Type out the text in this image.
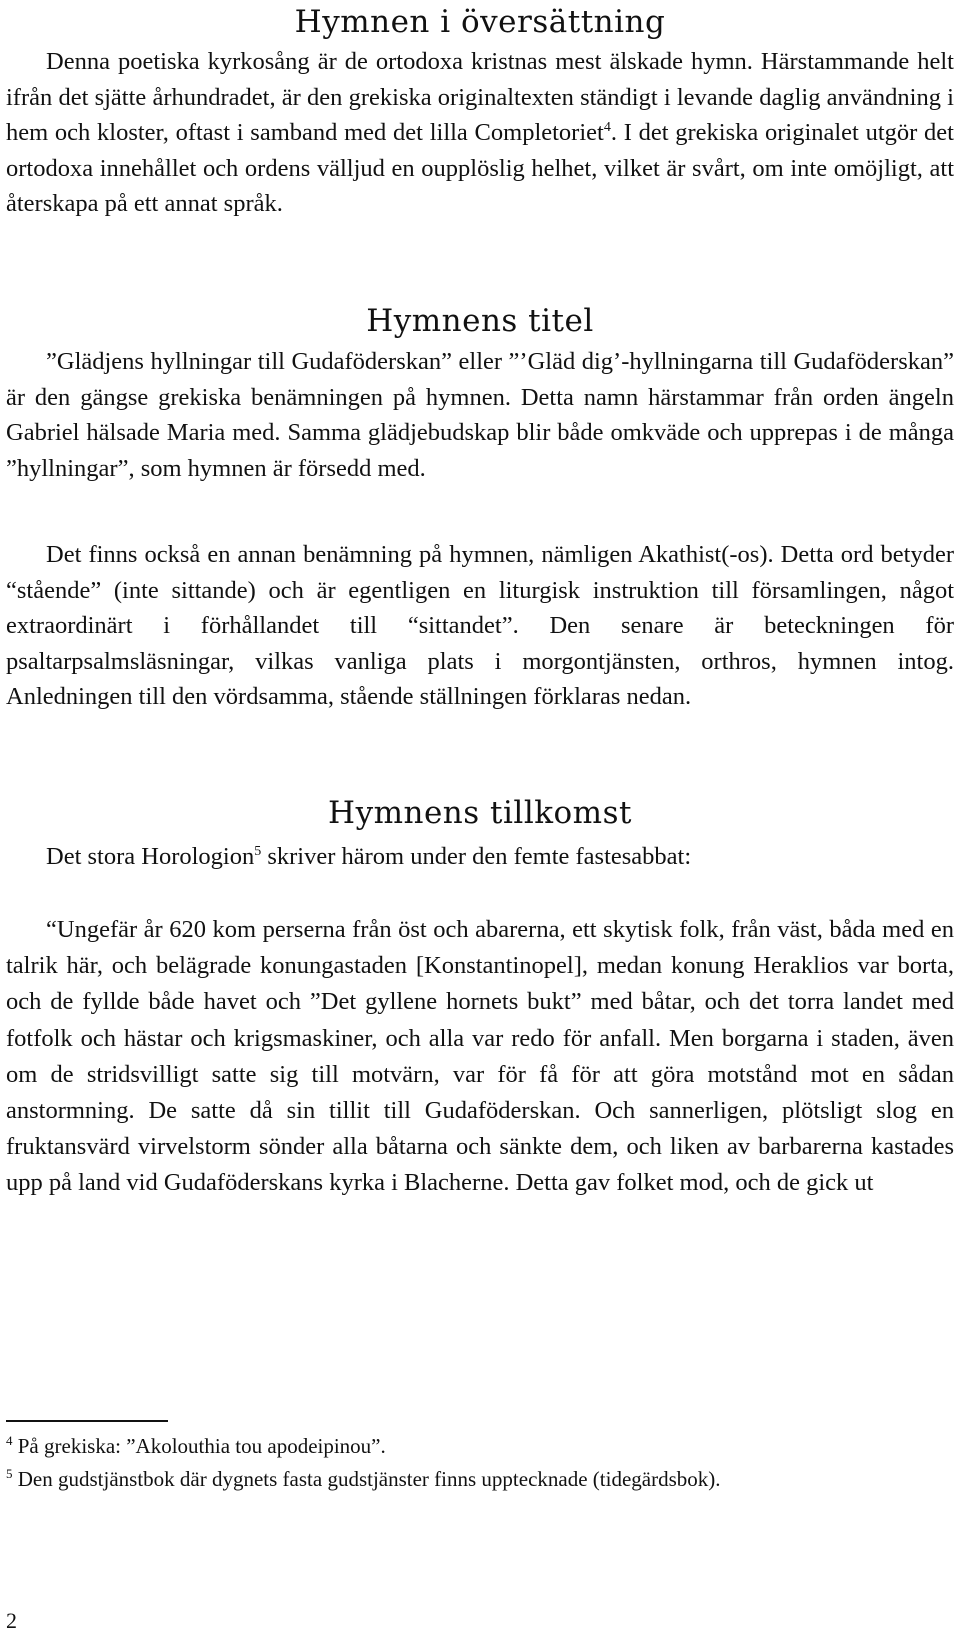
Hymnen i översättning

Denna poetiska kyrkosång är de ortodoxa kristnas mest älskade hymn. Härstammande helt ifrån det sjätte århundradet, är den grekiska originaltexten ständigt i levande daglig användning i hem och kloster, oftast i samband med det lilla Completoriet$^4$. I det grekiska originalet utgör det ortodoxa innehållet och ordens välljud en oupplöslig helhet, vilket är svårt, om inte omöjligt, att återskapa på ett annat språk.

Hymnens titel

”Glädjens hyllningar till Gudaföderskan” eller ”’Gläd dig’-hyllningarna till Gudaföderskan” är den gängse grekiska benämningen på hymnen. Detta namn härstammar från orden ängeln Gabriel hälsade Maria med. Samma glädjebudskap blir både omkväde och upprepas i de många ”hyllningar”, som hymnen är försedd med.

Det finns också en annan benämning på hymnen, nämligen Akathist(-os). Detta ord betyder “stående” (inte sittande) och är egentligen en liturgisk instruktion till församlingen, något extraordinärt i förhållandet till “sittandet”. Den senare är beteckningen för psaltarpsalmsläsningar, vilkas vanliga plats i morgontjänsten, orthros, hymnen intog. Anledningen till den vördsamma, stående ställningen förklaras nedan.

Hymnens tillkomst

Det stora Horologion$^5$ skriver härom under den femte fastesabbat:

“Ungefär år 620 kom perserna från öst och abarerna, ett skytisk folk, från väst, båda med en talrik här, och belägrade konungastaden [Konstantinopel], medan konung Heraklios var borta, och de fyllde både havet och ”Det gyllene hornets bukt” med båtar, och det torra landet med fotfolk och hästar och krigsmaskiner, och alla var redo för anfall. Men borgarna i staden, även om de stridsvilligt satte sig till motvärn, var för få för att göra motstånd mot en sådan anstormning. De satte då sin tillit till Gudaföderskan. Och sannerligen, plötsligt slog en fruktansvärd virvelstorm sönder alla båtarna och sänkte dem, och liken av barbarerna kastades upp på land vid Gudaföderskans kyrka i Blacherne. Detta gav folket mod, och de gick ut

$^4$ På grekiska: ”Akolouthia tou apodeipinou”.

$^5$ Den gudstjänstbok där dygnets fasta gudstjänster finns upptecknade (tidegärdsbok).

2
